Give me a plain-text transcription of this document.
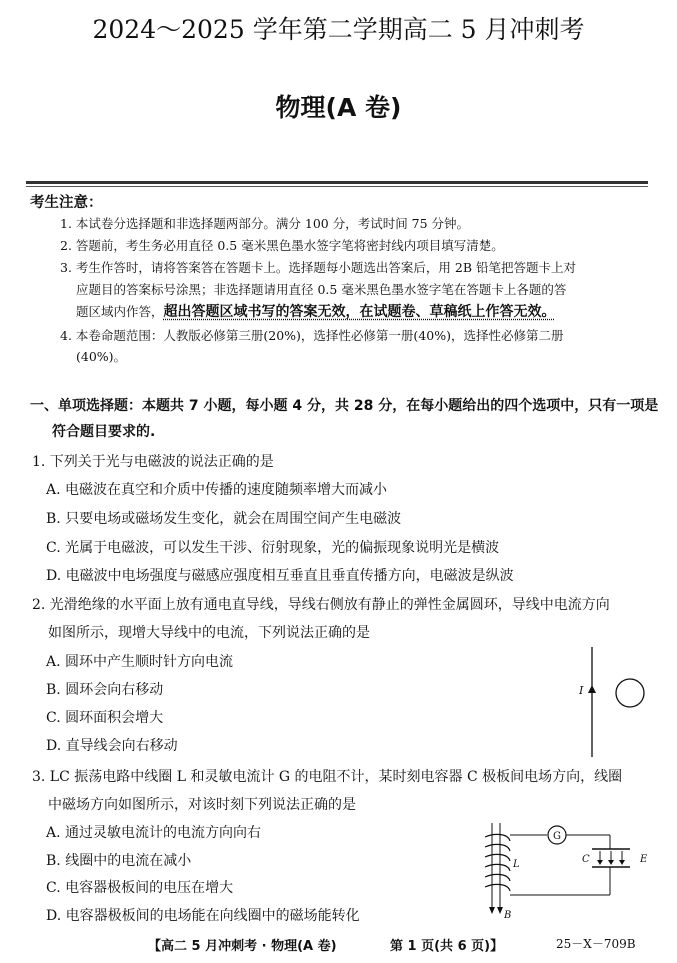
2024～2025 学年第二学期高二 5 月冲刺考
物理(A 卷)
考生注意：
1. 本试卷分选择题和非选择题两部分。满分 100 分，考试时间 75 分钟。
2. 答题前，考生务必用直径 0.5 毫米黑色墨水签字笔将密封线内项目填写清楚。
3. 考生作答时，请将答案答在答题卡上。选择题每小题选出答案后，用 2B 铅笔把答题卡上对
应题目的答案标号涂黑；非选择题请用直径 0.5 毫米黑色墨水签字笔在答题卡上各题的答
题区域内作答，超出答题区域书写的答案无效，在试题卷、草稿纸上作答无效。
4. 本卷命题范围：人教版必修第三册(20%)，选择性必修第一册(40%)，选择性必修第二册
(40%)。
一、单项选择题：本题共 7 小题，每小题 4 分，共 28 分，在每小题给出的四个选项中，只有一项是
符合题目要求的.
1. 下列关于光与电磁波的说法正确的是
A. 电磁波在真空和介质中传播的速度随频率增大而减小
B. 只要电场或磁场发生变化，就会在周围空间产生电磁波
C. 光属于电磁波，可以发生干涉、衍射现象，光的偏振现象说明光是横波
D. 电磁波中电场强度与磁感应强度相互垂直且垂直传播方向，电磁波是纵波
2. 光滑绝缘的水平面上放有通电直导线，导线右侧放有静止的弹性金属圆环，导线中电流方向
如图所示，现增大导线中的电流，下列说法正确的是
A. 圆环中产生顺时针方向电流
B. 圆环会向右移动
C. 圆环面积会增大
D. 直导线会向右移动
I
3. LC 振荡电路中线圈 L 和灵敏电流计 G 的电阻不计，某时刻电容器 C 极板间电场方向，线圈
中磁场方向如图所示，对该时刻下列说法正确的是
A. 通过灵敏电流计的电流方向向右
B. 线圈中的电流在减小
C. 电容器极板间的电压在增大
D. 电容器极板间的电场能在向线圈中的磁场能转化	B
L
G
C	E
【高二 5 月冲刺考 · 物理(A 卷)	第 1 页(共 6 页)】	25－X－709B
